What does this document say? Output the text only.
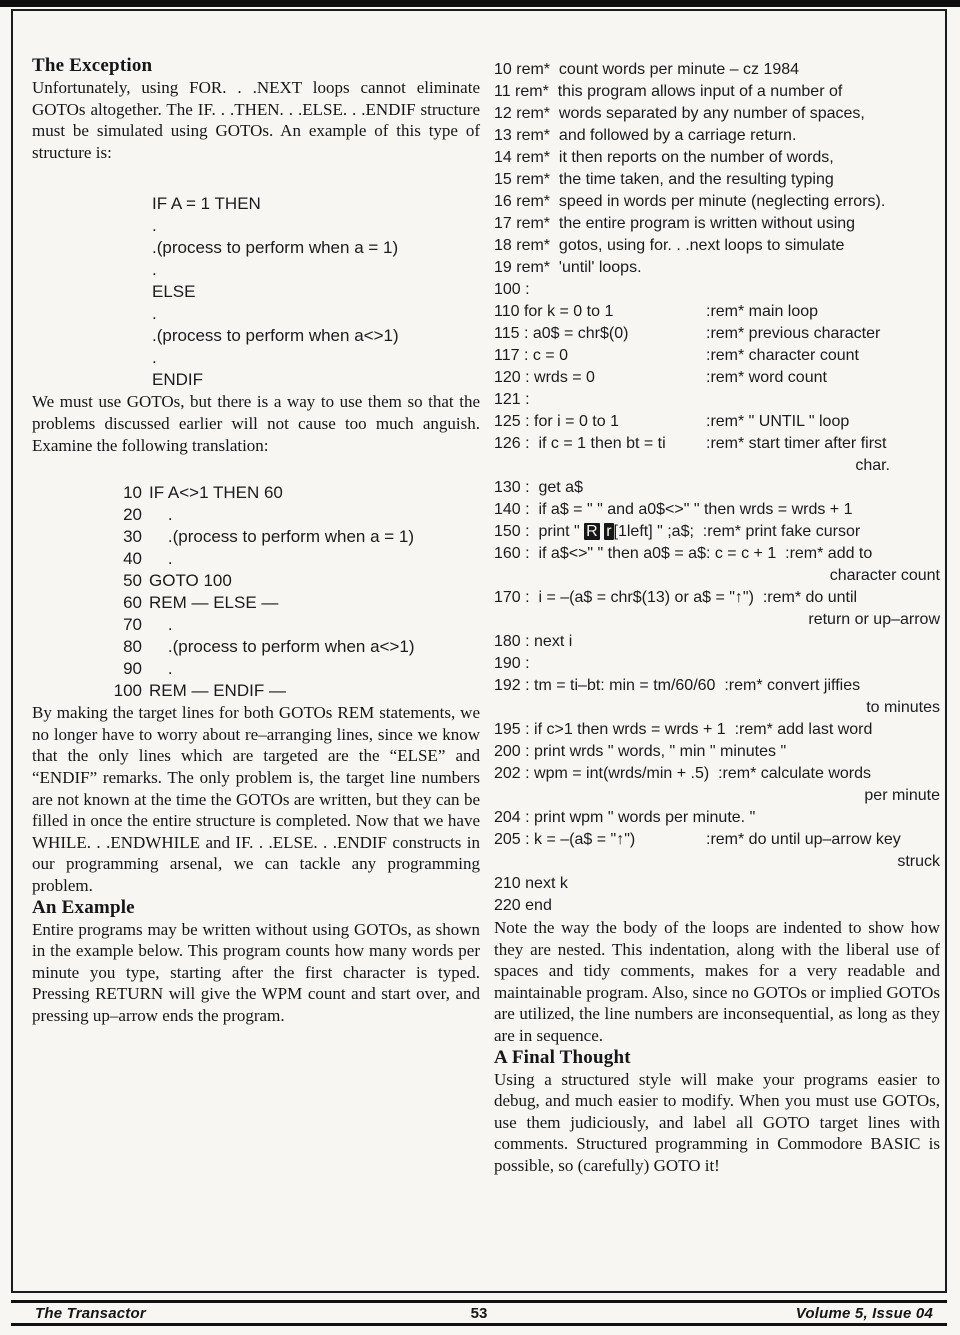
The Exception

Unfortunately, using FOR. . .NEXT loops cannot eliminate GOTOs altogether. The IF. . .THEN. . .ELSE. . .ENDIF structure must be simulated using GOTOs. An example of this type of structure is:

IF A = 1 THEN
.
.(process to perform when a = 1)
.
ELSE
.
.(process to perform when a<>1)
.
ENDIF

We must use GOTOs, but there is a way to use them so that the problems discussed earlier will not cause too much anguish. Examine the following translation:

10 IF A<>1 THEN 60
20    .
30    .(process to perform when a = 1)
40    .
50 GOTO 100
60 REM — ELSE —
70    .
80    .(process to perform when a<>1)
90    .
100 REM — ENDIF —

By making the target lines for both GOTOs REM statements, we no longer have to worry about re–arranging lines, since we know that the only lines which are targeted are the “ELSE” and “ENDIF” remarks. The only problem is, the target line numbers are not known at the time the GOTOs are written, but they can be filled in once the entire structure is completed. Now that we have WHILE. . .ENDWHILE and IF. . .ELSE. . .ENDIF constructs in our programming arsenal, we can tackle any programming problem.

An Example

Entire programs may be written without using GOTOs, as shown in the example below. This program counts how many words per minute you type, starting after the first character is typed. Pressing RETURN will give the WPM count and start over, and pressing up–arrow ends the program.

10 rem*  count words per minute – cz 1984
11 rem*  this program allows input of a number of
12 rem*  words separated by any number of spaces,
13 rem*  and followed by a carriage return.
14 rem*  it then reports on the number of words,
15 rem*  the time taken, and the resulting typing
16 rem*  speed in words per minute (neglecting errors).
17 rem*  the entire program is written without using
18 rem*  gotos, using for. . .next loops to simulate
19 rem*  'until' loops.
100 :
110 for k = 0 to 1	:rem* main loop
115 : a0$ = chr$(0)	:rem* previous character
117 : c = 0	:rem* character count
120 : wrds = 0	:rem* word count
121 :
125 : for i = 0 to 1	:rem* " UNTIL " loop
126 :  if c = 1 then bt = ti	:rem* start timer after first
char.
130 :  get a$
140 :  if a$ = " " and a0$<>" " then wrds = wrds + 1
150 :  print " R r [1left] " ;a$;  :rem* print fake cursor
160 :  if a$<>" " then a0$ = a$: c = c + 1  :rem* add to
character count
170 :  i = –(a$ = chr$(13) or a$ = "↑")  :rem* do until
return or up–arrow
180 : next i
190 :
192 : tm = ti–bt: min = tm/60/60  :rem* convert jiffies
to minutes
195 : if c>1 then wrds = wrds + 1  :rem* add last word
200 : print wrds " words, " min " minutes "
202 : wpm = int(wrds/min + .5)  :rem* calculate words
per minute
204 : print wpm " words per minute. "
205 : k = –(a$ = "↑")	:rem* do until up–arrow key
struck
210 next k
220 end

Note the way the body of the loops are indented to show how they are nested. This indentation, along with the liberal use of spaces and tidy comments, makes for a very readable and maintainable program. Also, since no GOTOs or implied GOTOs are utilized, the line numbers are inconsequential, as long as they are in sequence.

A Final Thought

Using a structured style will make your programs easier to debug, and much easier to modify. When you must use GOTOs, use them judiciously, and label all GOTO target lines with comments. Structured programming in Commodore BASIC is possible, so (carefully) GOTO it!

The Transactor	53	Volume 5, Issue 04
